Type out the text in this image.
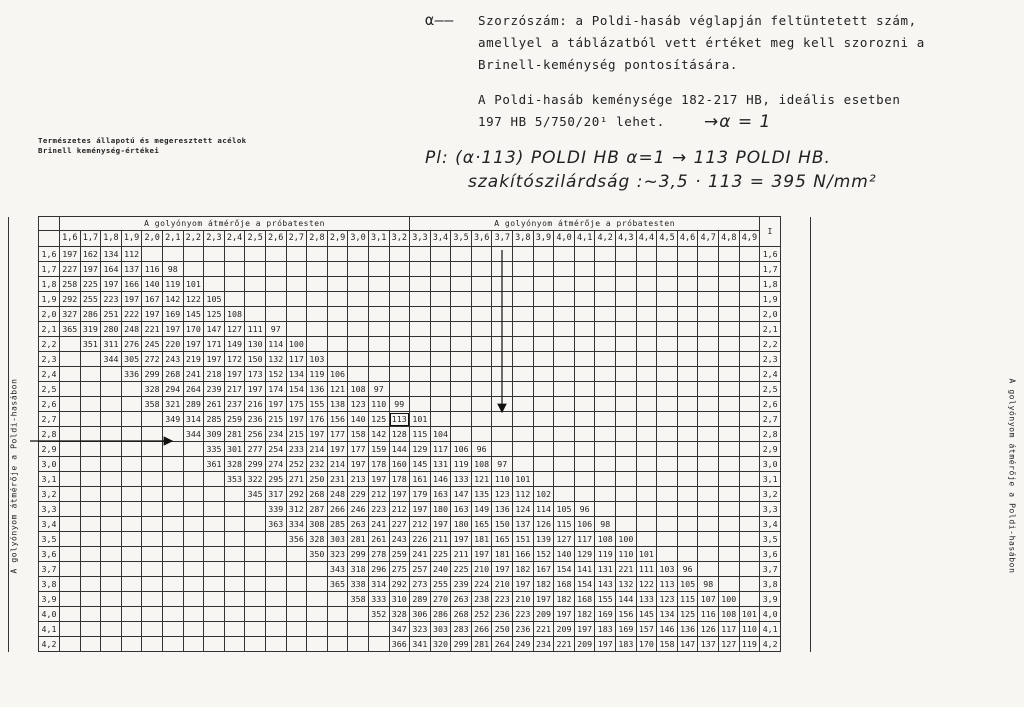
α—— Szorzószám: a Poldi-hasáb véglapján feltüntetett szám,
amellyel a táblázatból vett értéket meg kell szorozni a
Brinell-keménység pontosítására.
A Poldi-hasáb keménysége 182-217 HB, ideális esetben
197 HB 5/750/20¹ lehet. →α = 1
Pl: (α·113) POLDI HB α=1 → 113 POLDI HB.
szakítószilárdság :~3,5 · 113 = 395 N/mm²
Természetes állapotú és megeresztett acélok
Brinell keménység-értékei
		A golyónyom átmérője a próbatesten																	A golyónyom átmérője a próbatesten																	I	
		1,6	1,7	1,8	1,9	2,0	2,1	2,2	2,3	2,4	2,5	2,6	2,7	2,8	2,9	3,0	3,1	3,2	3,3	3,4	3,5	3,6	3,7	3,8	3,9	4,0	4,1	4,2	4,3	4,4	4,5	4,6	4,7	4,8	4,9		
	1,6	197	162	134	112																															1,6	
	1,7	227	197	164	137	116	98																													1,7	
	1,8	258	225	197	166	140	119	101																												1,8	
	1,9	292	255	223	197	167	142	122	105																											1,9	
	2,0	327	286	251	222	197	169	145	125	108																										2,0	
	2,1	365	319	280	248	221	197	170	147	127	111	97																								2,1	
	2,2		351	311	276	245	220	197	171	149	130	114	100																							2,2	
	2,3			344	305	272	243	219	197	172	150	132	117	103																						2,3	
	2,4				336	299	268	241	218	197	173	152	134	119	106																					2,4	
	2,5					328	294	264	239	217	197	174	154	136	121	108	97																			2,5	
	2,6					358	321	289	261	237	216	197	175	155	138	123	110	99																		2,6	
	2,7						349	314	285	259	236	215	197	176	156	140	125	113	101																	2,7	
	2,8							344	309	281	256	234	215	197	177	158	142	128	115	104																2,8	
	2,9								335	301	277	254	233	214	197	177	159	144	129	117	106	96														2,9	
	3,0								361	328	299	274	252	232	214	197	178	160	145	131	119	108	97													3,0	
	3,1									353	322	295	271	250	231	213	197	178	161	146	133	121	110	101												3,1	
	3,2										345	317	292	268	248	229	212	197	179	163	147	135	123	112	102											3,2	
	3,3											339	312	287	266	246	223	212	197	180	163	149	136	124	114	105	96									3,3	
	3,4											363	334	308	285	263	241	227	212	197	180	165	150	137	126	115	106	98								3,4	
	3,5												356	328	303	281	261	243	226	211	197	181	165	151	139	127	117	108	100							3,5	
	3,6													350	323	299	278	259	241	225	211	197	181	166	152	140	129	119	110	101						3,6	
	3,7														343	318	296	275	257	240	225	210	197	182	167	154	141	131	221	111	103	96				3,7	
	3,8														365	338	314	292	273	255	239	224	210	197	182	168	154	143	132	122	113	105	98			3,8	
	3,9															358	333	310	289	270	263	238	223	210	197	182	168	155	144	133	123	115	107	100		3,9	
	4,0																352	328	306	286	268	252	236	223	209	197	182	169	156	145	134	125	116	108	101	4,0	
	4,1																	347	323	303	283	266	250	236	221	209	197	183	169	157	146	136	126	117	110	4,1	
	4,2																	366	341	320	299	281	264	249	234	221	209	197	183	170	158	147	137	127	119	4,2	
A golyónyom átmérője a Poldi-hasábon	A golyónyom átmérője a Poldi-hasábon
